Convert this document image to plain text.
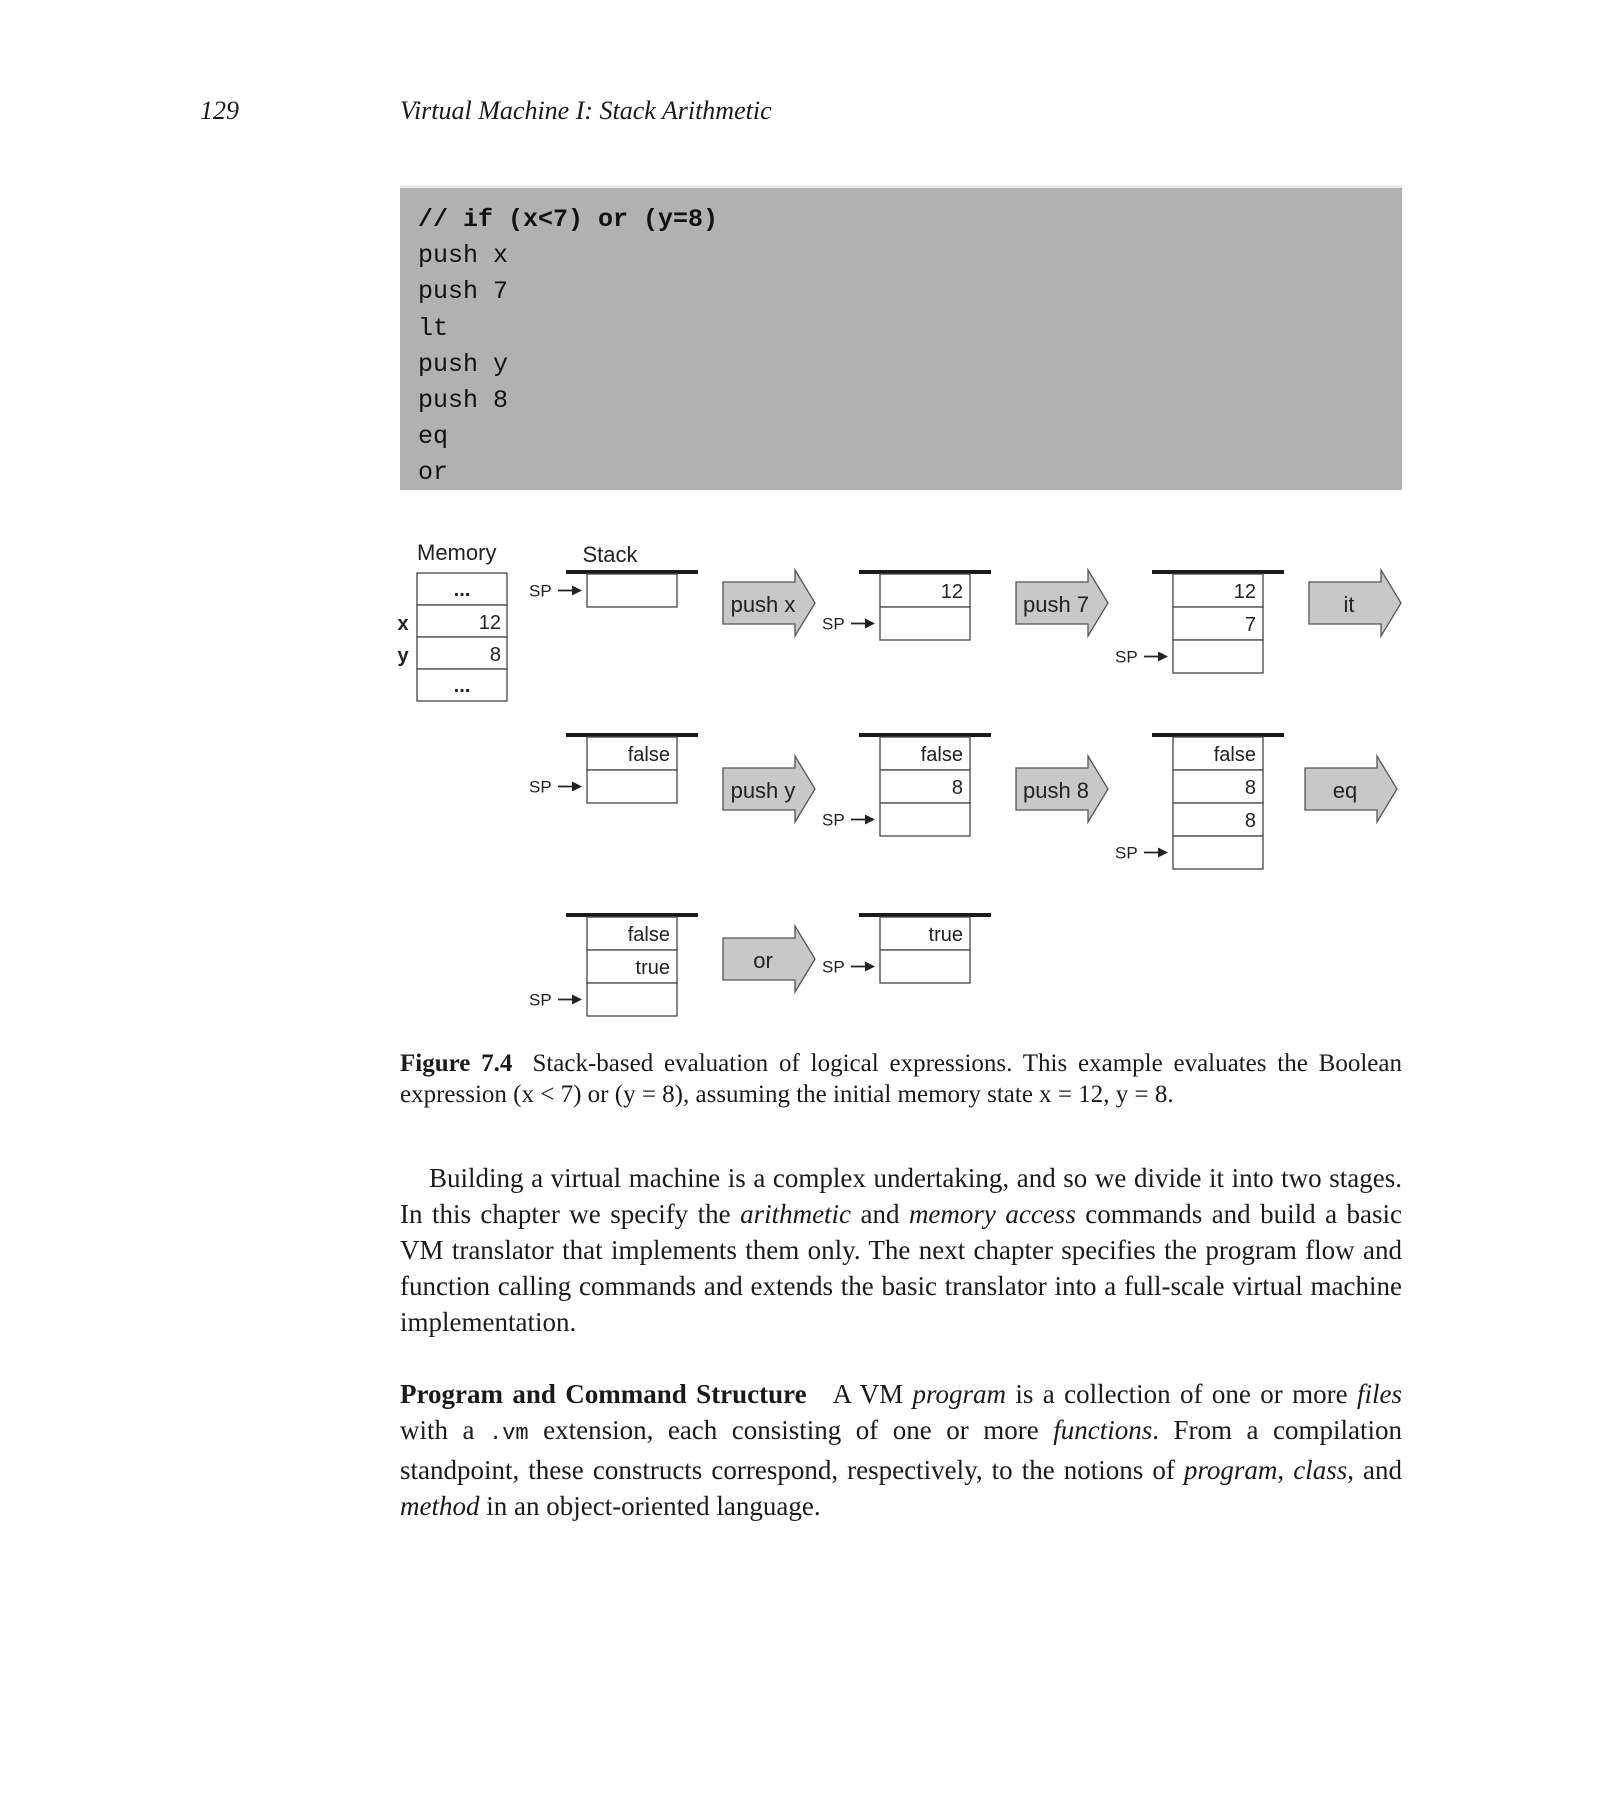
129	Virtual Machine I: Stack Arithmetic
// if (x<7) or (y=8)
push x
push 7
lt
push y
push 8
eq
or
Memory
...
12
8
...
x
y
Stack
SP	12
SP
12
7
SP
false
SP
false
8
SP
false
8
8
SP
false
true
SP
true
SP
push x	push 7	it
push y	push 8	eq
or
Figure 7.4 Stack-based evaluation of logical expressions. This example evaluates the Boolean expression (x < 7) or (y = 8), assuming the initial memory state x = 12, y = 8.
Building a virtual machine is a complex undertaking, and so we divide it into two stages. In this chapter we specify the arithmetic and memory access commands and build a basic VM translator that implements them only. The next chapter specifies the program flow and function calling commands and extends the basic translator into a full-scale virtual machine implementation.
Program and Command Structure A VM program is a collection of one or more files with a .vm extension, each consisting of one or more functions. From a compilation standpoint, these constructs correspond, respectively, to the notions of program, class, and method in an object-oriented language.
